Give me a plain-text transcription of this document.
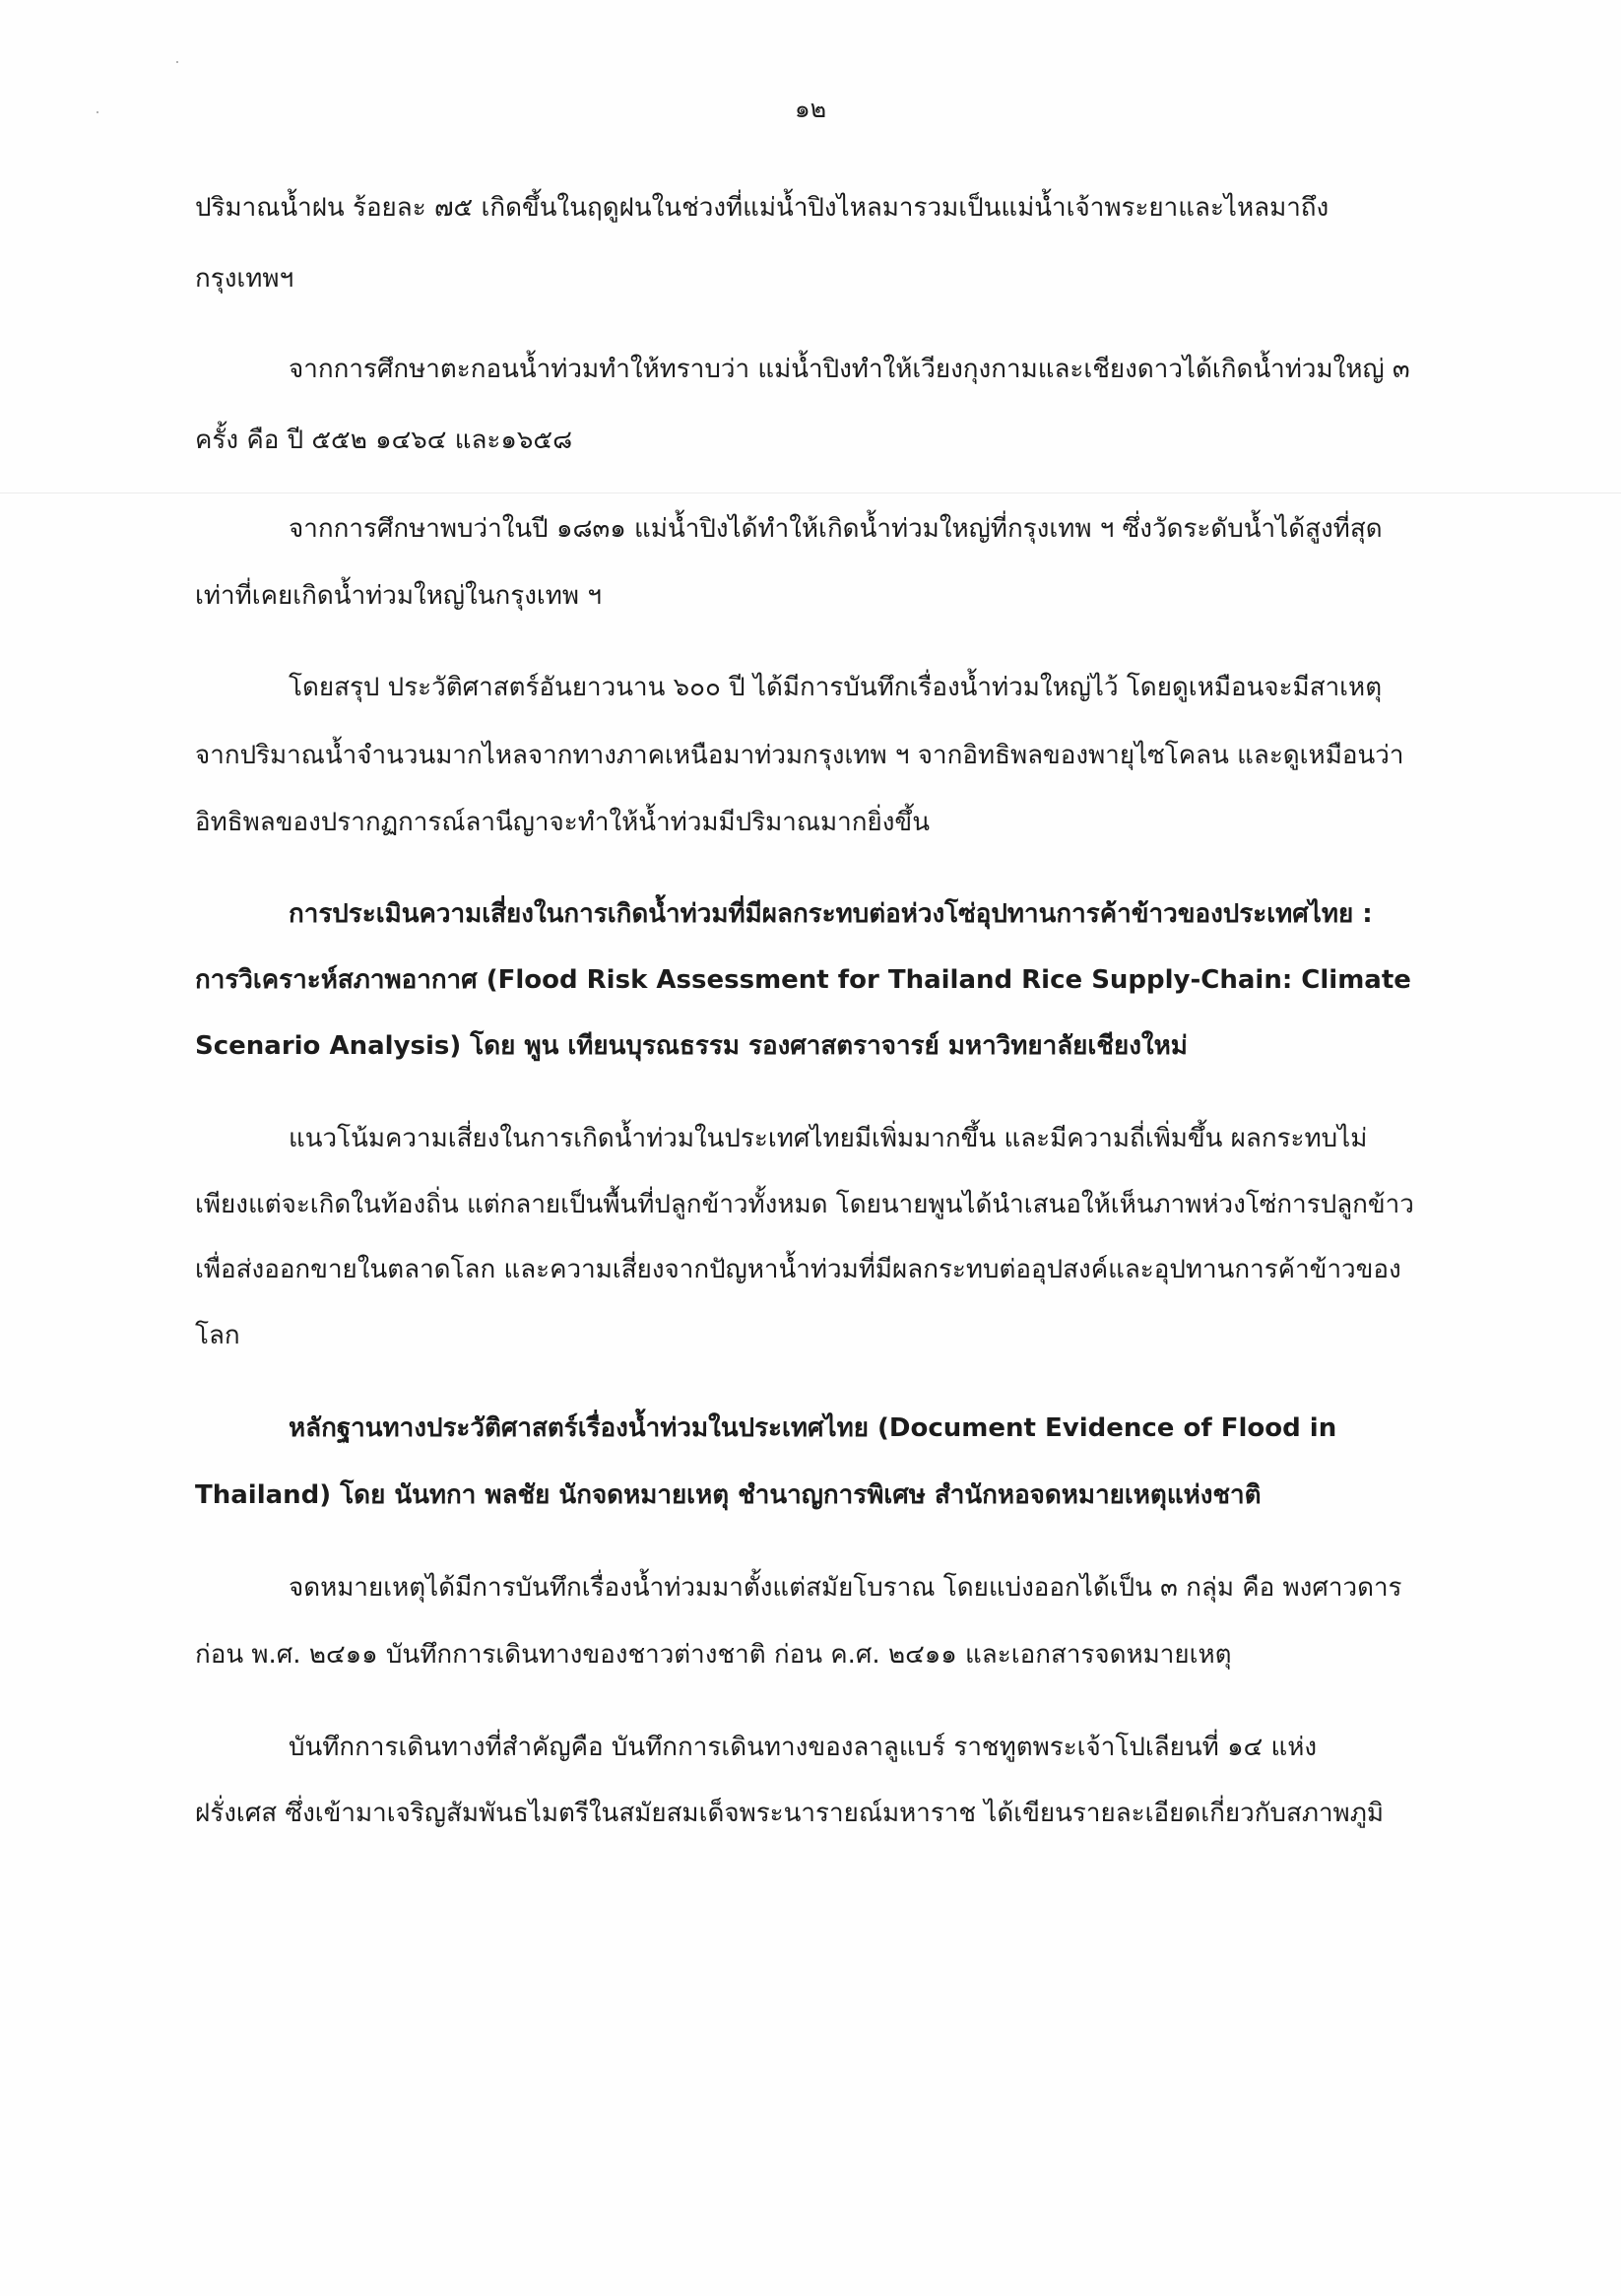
๑๒

ปริมาณน้ำฝน ร้อยละ ๗๕ เกิดขึ้นในฤดูฝนในช่วงที่แม่น้ำปิงไหลมารวมเป็นแม่น้ำเจ้าพระยาและไหลมาถึง

กรุงเทพฯ

จากการศึกษาตะกอนน้ำท่วมทำให้ทราบว่า แม่น้ำปิงทำให้เวียงกุงกามและเชียงดาวได้เกิดน้ำท่วมใหญ่ ๓

ครั้ง คือ ปี ๕๕๒ ๑๔๖๔ และ๑๖๕๘

จากการศึกษาพบว่าในปี ๑๘๓๑ แม่น้ำปิงได้ทำให้เกิดน้ำท่วมใหญ่ที่กรุงเทพ ฯ ซึ่งวัดระดับน้ำได้สูงที่สุด

เท่าที่เคยเกิดน้ำท่วมใหญ่ในกรุงเทพ ฯ

โดยสรุป ประวัติศาสตร์อันยาวนาน ๖๐๐ ปี ได้มีการบันทึกเรื่องน้ำท่วมใหญ่ไว้ โดยดูเหมือนจะมีสาเหตุ

จากปริมาณน้ำจำนวนมากไหลจากทางภาคเหนือมาท่วมกรุงเทพ ฯ จากอิทธิพลของพายุไซโคลน และดูเหมือนว่า

อิทธิพลของปรากฏการณ์ลานีญาจะทำให้น้ำท่วมมีปริมาณมากยิ่งขึ้น

การประเมินความเสี่ยงในการเกิดน้ำท่วมที่มีผลกระทบต่อห่วงโซ่อุปทานการค้าข้าวของประเทศไทย :

การวิเคราะห์สภาพอากาศ (Flood Risk Assessment for Thailand Rice Supply-Chain: Climate

Scenario Analysis) โดย พูน เทียนบุรณธรรม รองศาสตราจารย์ มหาวิทยาลัยเชียงใหม่

แนวโน้มความเสี่ยงในการเกิดน้ำท่วมในประเทศไทยมีเพิ่มมากขึ้น และมีความถี่เพิ่มขึ้น ผลกระทบไม่

เพียงแต่จะเกิดในท้องถิ่น แต่กลายเป็นพื้นที่ปลูกข้าวทั้งหมด โดยนายพูนได้นำเสนอให้เห็นภาพห่วงโซ่การปลูกข้าว

เพื่อส่งออกขายในตลาดโลก และความเสี่ยงจากปัญหาน้ำท่วมที่มีผลกระทบต่ออุปสงค์และอุปทานการค้าข้าวของ

โลก

หลักฐานทางประวัติศาสตร์เรื่องน้ำท่วมในประเทศไทย (Document Evidence of Flood in

Thailand) โดย นันทกา พลชัย นักจดหมายเหตุ ชำนาญการพิเศษ สำนักหอจดหมายเหตุแห่งชาติ

จดหมายเหตุได้มีการบันทึกเรื่องน้ำท่วมมาตั้งแต่สมัยโบราณ โดยแบ่งออกได้เป็น ๓ กลุ่ม คือ พงศาวดาร

ก่อน พ.ศ. ๒๔๑๑ บันทึกการเดินทางของชาวต่างชาติ ก่อน ค.ศ. ๒๔๑๑ และเอกสารจดหมายเหตุ

บันทึกการเดินทางที่สำคัญคือ บันทึกการเดินทางของลาลูแบร์ ราชทูตพระเจ้าโปเลียนที่ ๑๔ แห่ง

ฝรั่งเศส ซึ่งเข้ามาเจริญสัมพันธไมตรีในสมัยสมเด็จพระนารายณ์มหาราช ได้เขียนรายละเอียดเกี่ยวกับสภาพภูมิ
